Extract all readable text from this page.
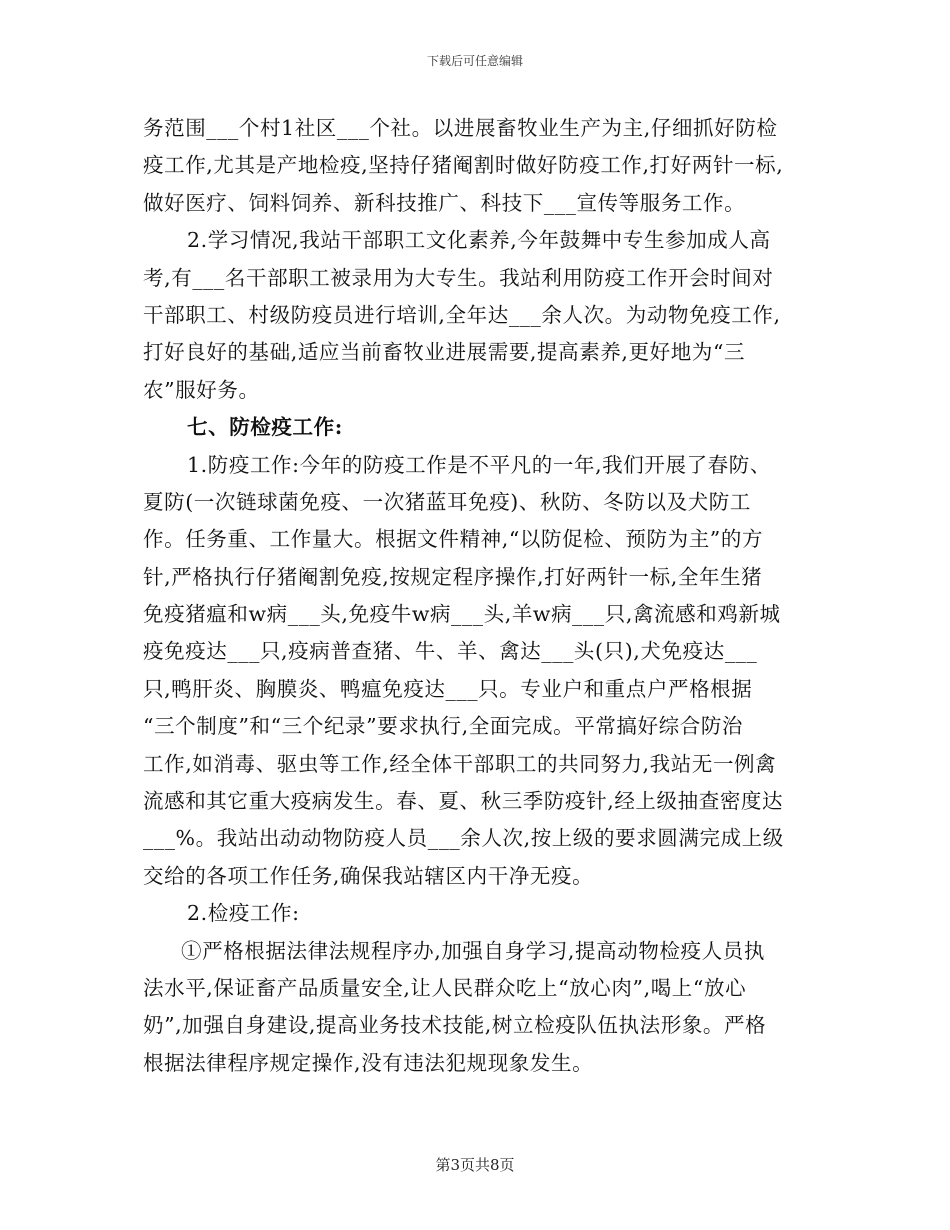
下载后可任意编辑
务范围___个村1社区___个社。以进展畜牧业生产为主,仔细抓好防检
疫工作,尤其是产地检疫,坚持仔猪阉割时做好防疫工作,打好两针一标,
做好医疗、饲料饲养、新科技推广、科技下___宣传等服务工作。
2.学习情况,我站干部职工文化素养,今年鼓舞中专生参加成人高
考,有___名干部职工被录用为大专生。我站利用防疫工作开会时间对
干部职工、村级防疫员进行培训,全年达___余人次。为动物免疫工作,
打好良好的基础,适应当前畜牧业进展需要,提高素养,更好地为“三
农”服好务。
七、防检疫工作:
1.防疫工作:今年的防疫工作是不平凡的一年,我们开展了春防、
夏防(一次链球菌免疫、一次猪蓝耳免疫)、秋防、冬防以及犬防工
作。任务重、工作量大。根据文件精神,“以防促检、预防为主”的方
针,严格执行仔猪阉割免疫,按规定程序操作,打好两针一标,全年生猪
免疫猪瘟和w病___头,免疫牛w病___头,羊w病___只,禽流感和鸡新城
疫免疫达___只,疫病普查猪、牛、羊、禽达___头(只),犬免疫达___
只,鸭肝炎、胸膜炎、鸭瘟免疫达___只。专业户和重点户严格根据
“三个制度”和“三个纪录”要求执行,全面完成。平常搞好综合防治
工作,如消毒、驱虫等工作,经全体干部职工的共同努力,我站无一例禽
流感和其它重大疫病发生。春、夏、秋三季防疫针,经上级抽查密度达
___%。我站出动动物防疫人员___余人次,按上级的要求圆满完成上级
交给的各项工作任务,确保我站辖区内干净无疫。
2.检疫工作:
①严格根据法律法规程序办,加强自身学习,提高动物检疫人员执
法水平,保证畜产品质量安全,让人民群众吃上“放心肉”,喝上“放心
奶”,加强自身建设,提高业务技术技能,树立检疫队伍执法形象。严格
根据法律程序规定操作,没有违法犯规现象发生。
第3页共8页
